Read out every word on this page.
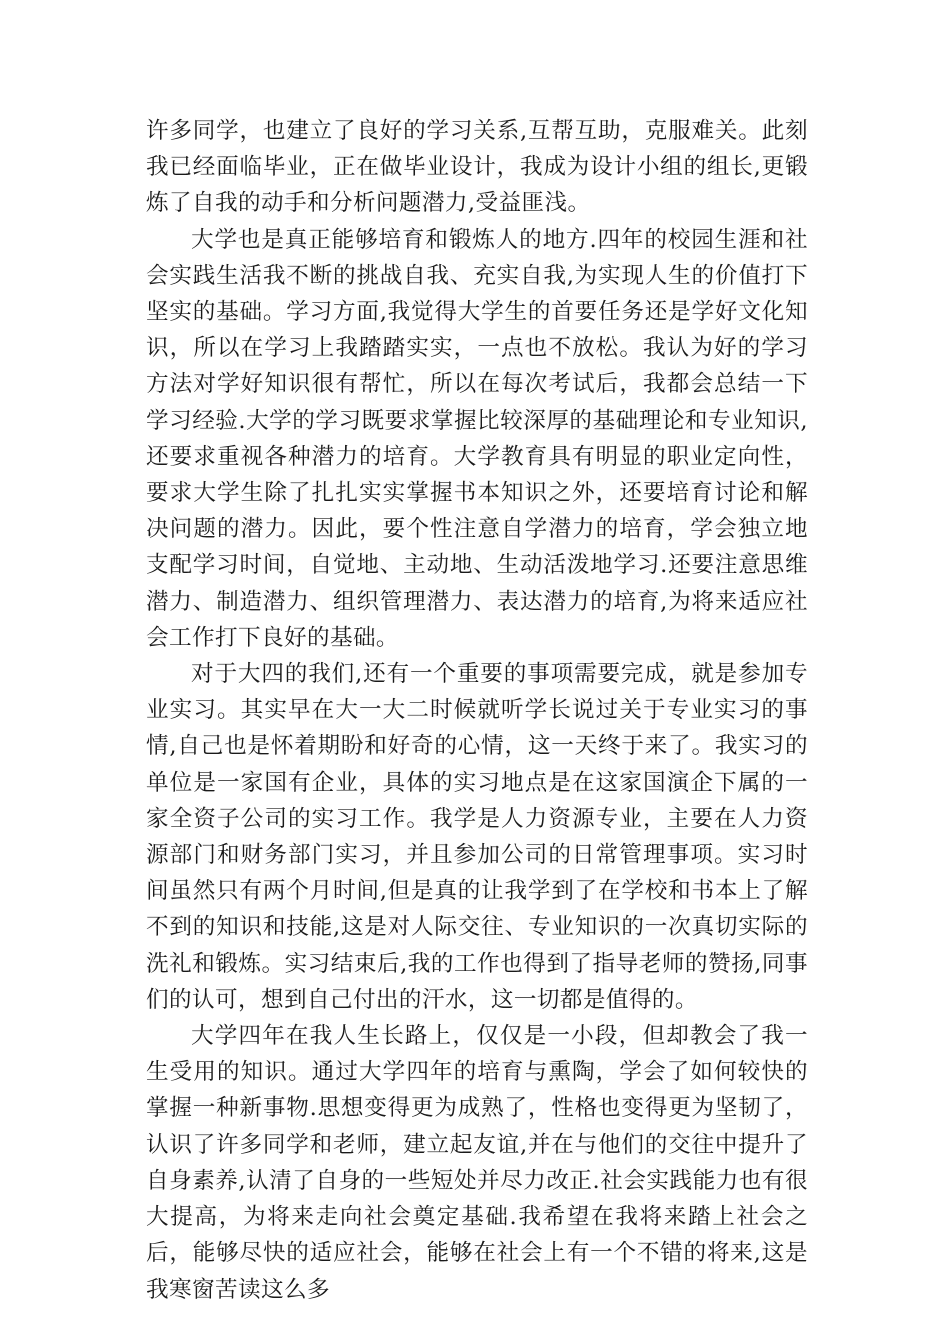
许多同学，也建立了良好的学习关系,互帮互助，克服难关。此刻我已经面临毕业，正在做毕业设计，我成为设计小组的组长,更锻炼了自我的动手和分析问题潜力,受益匪浅。

大学也是真正能够培育和锻炼人的地方.四年的校园生涯和社会实践生活我不断的挑战自我、充实自我,为实现人生的价值打下坚实的基础。学习方面,我觉得大学生的首要任务还是学好文化知识，所以在学习上我踏踏实实，一点也不放松。我认为好的学习方法对学好知识很有帮忙，所以在每次考试后，我都会总结一下学习经验.大学的学习既要求掌握比较深厚的基础理论和专业知识,还要求重视各种潜力的培育。大学教育具有明显的职业定向性，要求大学生除了扎扎实实掌握书本知识之外，还要培育讨论和解决问题的潜力。因此，要个性注意自学潜力的培育，学会独立地支配学习时间，自觉地、主动地、生动活泼地学习.还要注意思维潜力、制造潜力、组织管理潜力、表达潜力的培育,为将来适应社会工作打下良好的基础。

对于大四的我们,还有一个重要的事项需要完成，就是参加专业实习。其实早在大一大二时候就听学长说过关于专业实习的事情,自己也是怀着期盼和好奇的心情，这一天终于来了。我实习的单位是一家国有企业，具体的实习地点是在这家国演企下属的一家全资子公司的实习工作。我学是人力资源专业，主要在人力资源部门和财务部门实习，并且参加公司的日常管理事项。实习时间虽然只有两个月时间,但是真的让我学到了在学校和书本上了解不到的知识和技能,这是对人际交往、专业知识的一次真切实际的洗礼和锻炼。实习结束后,我的工作也得到了指导老师的赞扬,同事们的认可，想到自己付出的汗水，这一切都是值得的。

大学四年在我人生长路上，仅仅是一小段，但却教会了我一生受用的知识。通过大学四年的培育与熏陶，学会了如何较快的掌握一种新事物.思想变得更为成熟了，性格也变得更为坚韧了，认识了许多同学和老师，建立起友谊,并在与他们的交往中提升了自身素养,认清了自身的一些短处并尽力改正.社会实践能力也有很大提高，为将来走向社会奠定基础.我希望在我将来踏上社会之后，能够尽快的适应社会，能够在社会上有一个不错的将来,这是我寒窗苦读这么多
